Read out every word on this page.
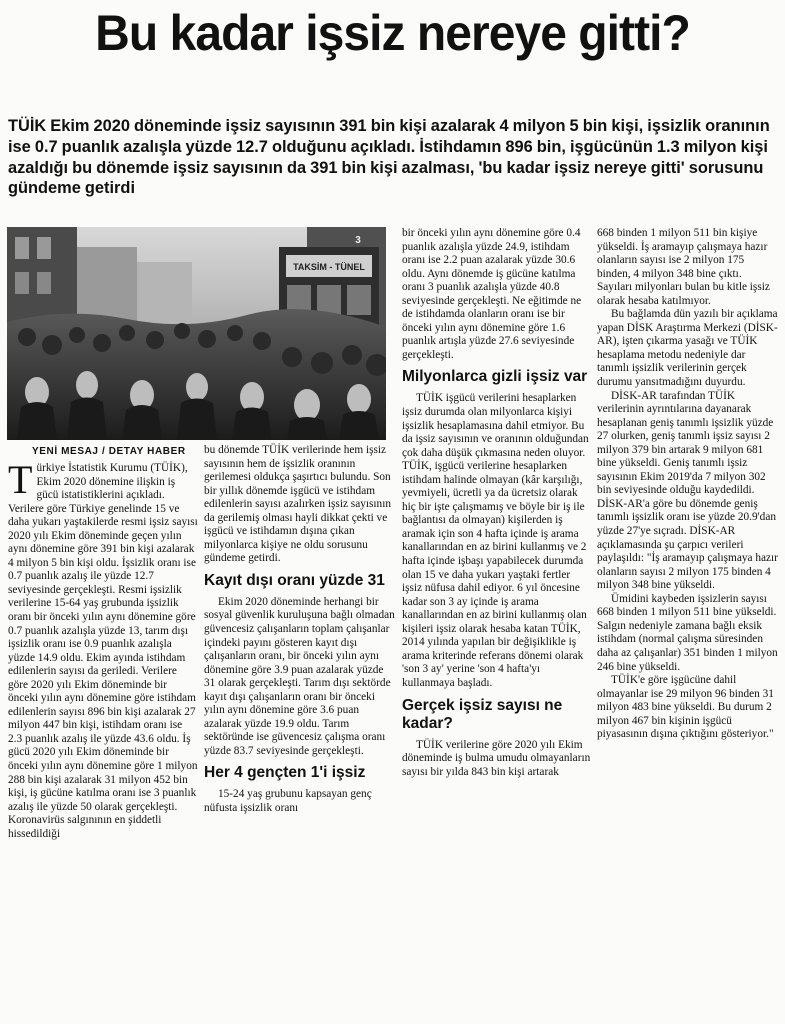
Bu kadar işsiz nereye gitti?
TÜİK Ekim 2020 döneminde işsiz sayısının 391 bin kişi azalarak 4 milyon 5 bin kişi, işsizlik oranının ise 0.7 puanlık azalışla yüzde 12.7 olduğunu açıkladı. İstihdamın 896 bin, işgücünün 1.3 milyon kişi azaldığı bu dönemde işsiz sayısının da 391 bin kişi azalması, 'bu kadar işsiz nereye gitti' sorusunu gündeme getirdi
TAKSİM - TÜNEL
3
YENİ MESAJ / DETAY HABER

Türkiye İstatistik Kurumu (TÜİK), Ekim 2020 dönemine ilişkin iş gücü istatistiklerini açıkladı. Verilere göre Türkiye genelinde 15 ve daha yukarı yaştakilerde resmi işsiz sayısı 2020 yılı Ekim döneminde geçen yılın aynı dönemine göre 391 bin kişi azalarak 4 milyon 5 bin kişi oldu. İşsizlik oranı ise 0.7 puanlık azalış ile yüzde 12.7 seviyesinde gerçekleşti. Resmi işsizlik verilerine 15-64 yaş grubunda işsizlik oranı bir önceki yılın aynı dönemine göre 0.7 puanlık azalışla yüzde 13, tarım dışı işsizlik oranı ise 0.9 puanlık azalışla yüzde 14.9 oldu. Ekim ayında istihdam edilenlerin sayısı da geriledi. Verilere göre 2020 yılı Ekim döneminde bir önceki yılın aynı dönemine göre istihdam edilenlerin sayısı 896 bin kişi azalarak 27 milyon 447 bin kişi, istihdam oranı ise 2.3 puanlık azalış ile yüzde 43.6 oldu. İş gücü 2020 yılı Ekim döneminde bir önceki yılın aynı dönemine göre 1 milyon 288 bin kişi azalarak 31 milyon 452 bin kişi, iş gücüne katılma oranı ise 3 puanlık azalış ile yüzde 50 olarak gerçekleşti. Koronavirüs salgınının en şiddetli hissedildiği

bu dönemde TÜİK verilerinde hem işsiz sayısının hem de işsizlik oranının gerilemesi oldukça şaşırtıcı bulundu. Son bir yıllık dönemde işgücü ve istihdam edilenlerin sayısı azalırken işsiz sayısının da gerilemiş olması hayli dikkat çekti ve işgücü ve istihdamın dışına çıkan milyonlarca kişiye ne oldu sorusunu gündeme getirdi.

Kayıt dışı oranı yüzde 31

Ekim 2020 döneminde herhangi bir sosyal güvenlik kuruluşuna bağlı olmadan güvencesiz çalışanların toplam çalışanlar içindeki payını gösteren kayıt dışı çalışanların oranı, bir önceki yılın aynı dönemine göre 3.9 puan azalarak yüzde 31 olarak gerçekleşti. Tarım dışı sektörde kayıt dışı çalışanların oranı bir önceki yılın aynı dönemine göre 3.6 puan azalarak yüzde 19.9 oldu. Tarım sektöründe ise güvencesiz çalışma oranı yüzde 83.7 seviyesinde gerçekleşti.

Her 4 gençten 1'i işsiz

15-24 yaş grubunu kapsayan genç nüfusta işsizlik oranı

bir önceki yılın aynı dönemine göre 0.4 puanlık azalışla yüzde 24.9, istihdam oranı ise 2.2 puan azalarak yüzde 30.6 oldu. Aynı dönemde iş gücüne katılma oranı 3 puanlık azalışla yüzde 40.8 seviyesinde gerçekleşti. Ne eğitimde ne de istihdamda olanların oranı ise bir önceki yılın aynı dönemine göre 1.6 puanlık artışla yüzde 27.6 seviyesinde gerçekleşti.

Milyonlarca gizli işsiz var

TÜİK işgücü verilerini hesaplarken işsiz durumda olan milyonlarca kişiyi işsizlik hesaplamasına dahil etmiyor. Bu da işsiz sayısının ve oranının olduğundan çok daha düşük çıkmasına neden oluyor. TÜİK, işgücü verilerine hesaplarken istihdam halinde olmayan (kâr karşılığı, yevmiyeli, ücretli ya da ücretsiz olarak hiç bir işte çalışmamış ve böyle bir iş ile bağlantısı da olmayan) kişilerden iş aramak için son 4 hafta içinde iş arama kanallarından en az birini kullanmış ve 2 hafta içinde işbaşı yapabilecek durumda olan 15 ve daha yukarı yaştaki fertler işsiz nüfusa dahil ediyor. 6 yıl öncesine kadar son 3 ay içinde iş arama kanallarından en az birini kullanmış olan kişileri işsiz olarak hesaba katan TÜİK, 2014 yılında yapılan bir değişiklikle iş arama kriterinde referans dönemi olarak 'son 3 ay' yerine 'son 4 hafta'yı kullanmaya başladı.

Gerçek işsiz sayısı ne kadar?

TÜİK verilerine göre 2020 yılı Ekim döneminde iş bulma umudu olmayanların sayısı bir yılda 843 bin kişi artarak

668 binden 1 milyon 511 bin kişiye yükseldi. İş aramayıp çalışmaya hazır olanların sayısı ise 2 milyon 175 binden, 4 milyon 348 bine çıktı. Sayıları milyonları bulan bu kitle işsiz olarak hesaba katılmıyor.

Bu bağlamda dün yazılı bir açıklama yapan DİSK Araştırma Merkezi (DİSK-AR), işten çıkarma yasağı ve TÜİK hesaplama metodu nedeniyle dar tanımlı işsizlik verilerinin gerçek durumu yansıtmadığını duyurdu.

DİSK-AR tarafından TÜİK verilerinin ayrıntılarına dayanarak hesaplanan geniş tanımlı işsizlik yüzde 27 olurken, geniş tanımlı işsiz sayısı 2 milyon 379 bin artarak 9 milyon 681 bine yükseldi. Geniş tanımlı işsiz sayısının Ekim 2019'da 7 milyon 302 bin seviyesinde olduğu kaydedildi. DİSK-AR'a göre bu dönemde geniş tanımlı işsizlik oranı ise yüzde 20.9'dan yüzde 27'ye sıçradı. DİSK-AR açıklamasında şu çarpıcı verileri paylaşıldı: "İş aramayıp çalışmaya hazır olanların sayısı 2 milyon 175 binden 4 milyon 348 bine yükseldi.

Ümidini kaybeden işsizlerin sayısı 668 binden 1 milyon 511 bine yükseldi. Salgın nedeniyle zamana bağlı eksik istihdam (normal çalışma süresinden daha az çalışanlar) 351 binden 1 milyon 246 bine yükseldi.

TÜİK'e göre işgücüne dahil olmayanlar ise 29 milyon 96 binden 31 milyon 483 bine yükseldi. Bu durum 2 milyon 467 bin kişinin işgücü piyasasının dışına çıktığını gösteriyor."
